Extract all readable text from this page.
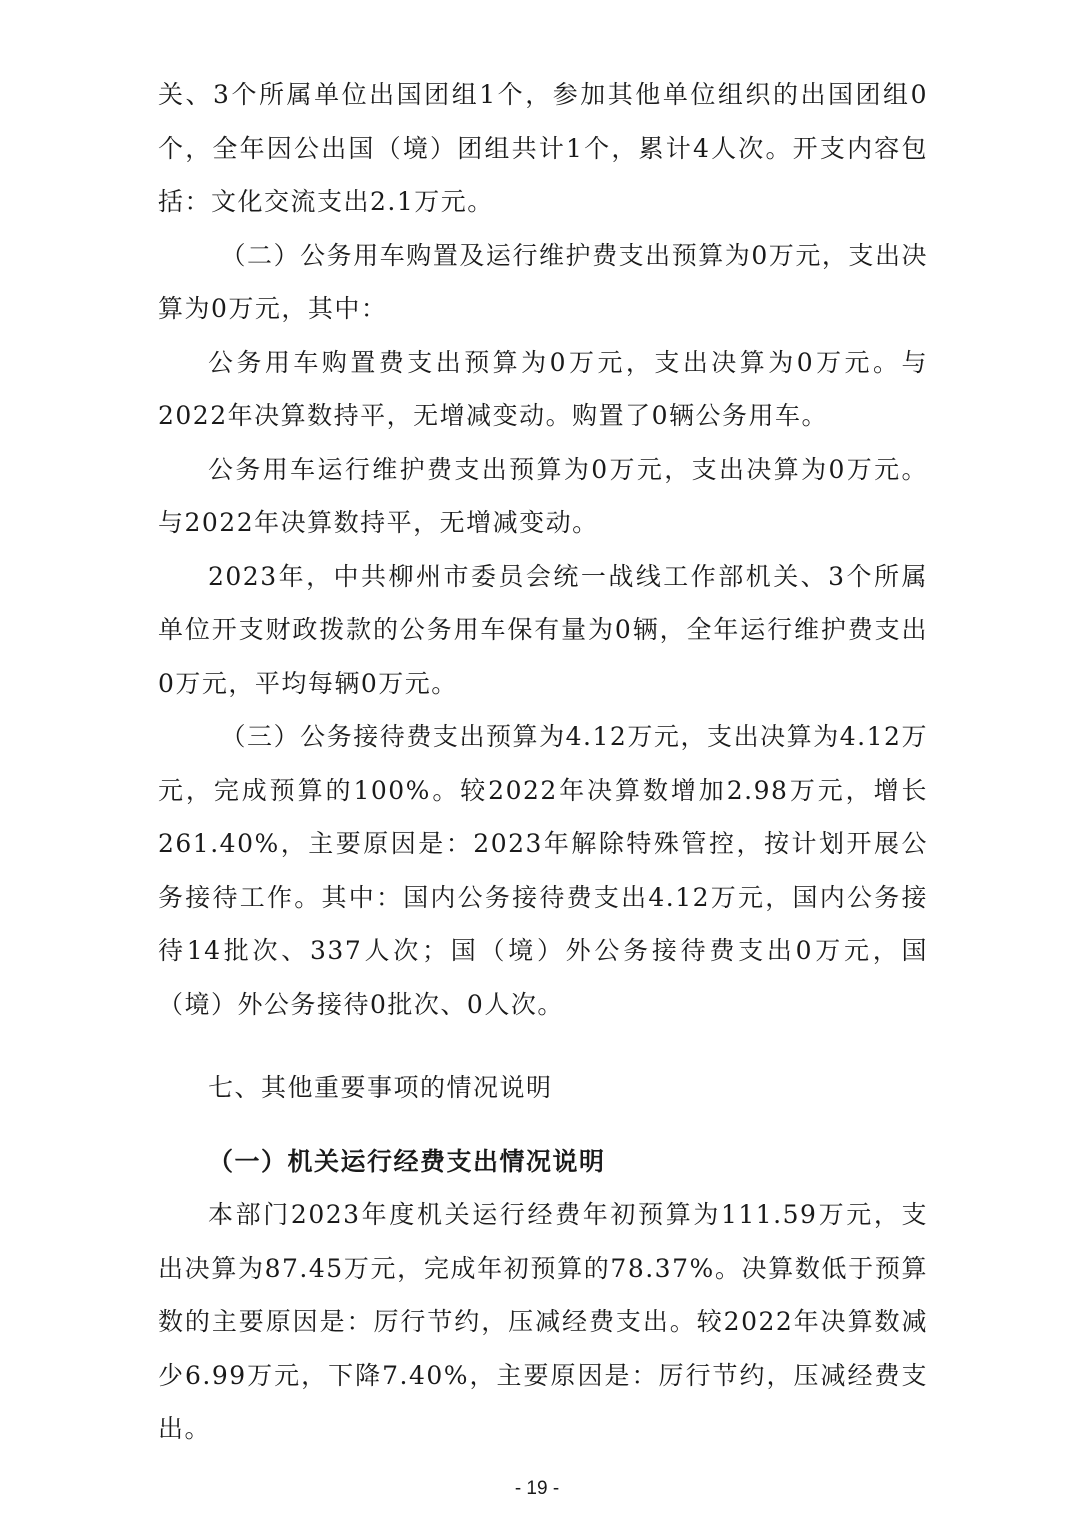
关、3个所属单位出国团组1个，参加其他单位组织的出国团组0个，全年因公出国（境）团组共计1个，累计4人次。开支内容包括：文化交流支出2.1万元。

（二）公务用车购置及运行维护费支出预算为0万元，支出决算为0万元，其中：

公务用车购置费支出预算为0万元，支出决算为0万元。与2022年决算数持平，无增减变动。购置了0辆公务用车。

公务用车运行维护费支出预算为0万元，支出决算为0万元。与2022年决算数持平，无增减变动。

2023年，中共柳州市委员会统一战线工作部机关、3个所属单位开支财政拨款的公务用车保有量为0辆，全年运行维护费支出0万元，平均每辆0万元。

（三）公务接待费支出预算为4.12万元，支出决算为4.12万元，完成预算的100%。较2022年决算数增加2.98万元，增长261.40%，主要原因是：2023年解除特殊管控，按计划开展公务接待工作。其中：国内公务接待费支出4.12万元，国内公务接待14批次、337人次；国（境）外公务接待费支出0万元，国（境）外公务接待0批次、0人次。

七、其他重要事项的情况说明
（一）机关运行经费支出情况说明

本部门2023年度机关运行经费年初预算为111.59万元，支出决算为87.45万元，完成年初预算的78.37%。决算数低于预算数的主要原因是：厉行节约，压减经费支出。较2022年决算数减少6.99万元，下降7.40%，主要原因是：厉行节约，压减经费支出。

- 19 -
